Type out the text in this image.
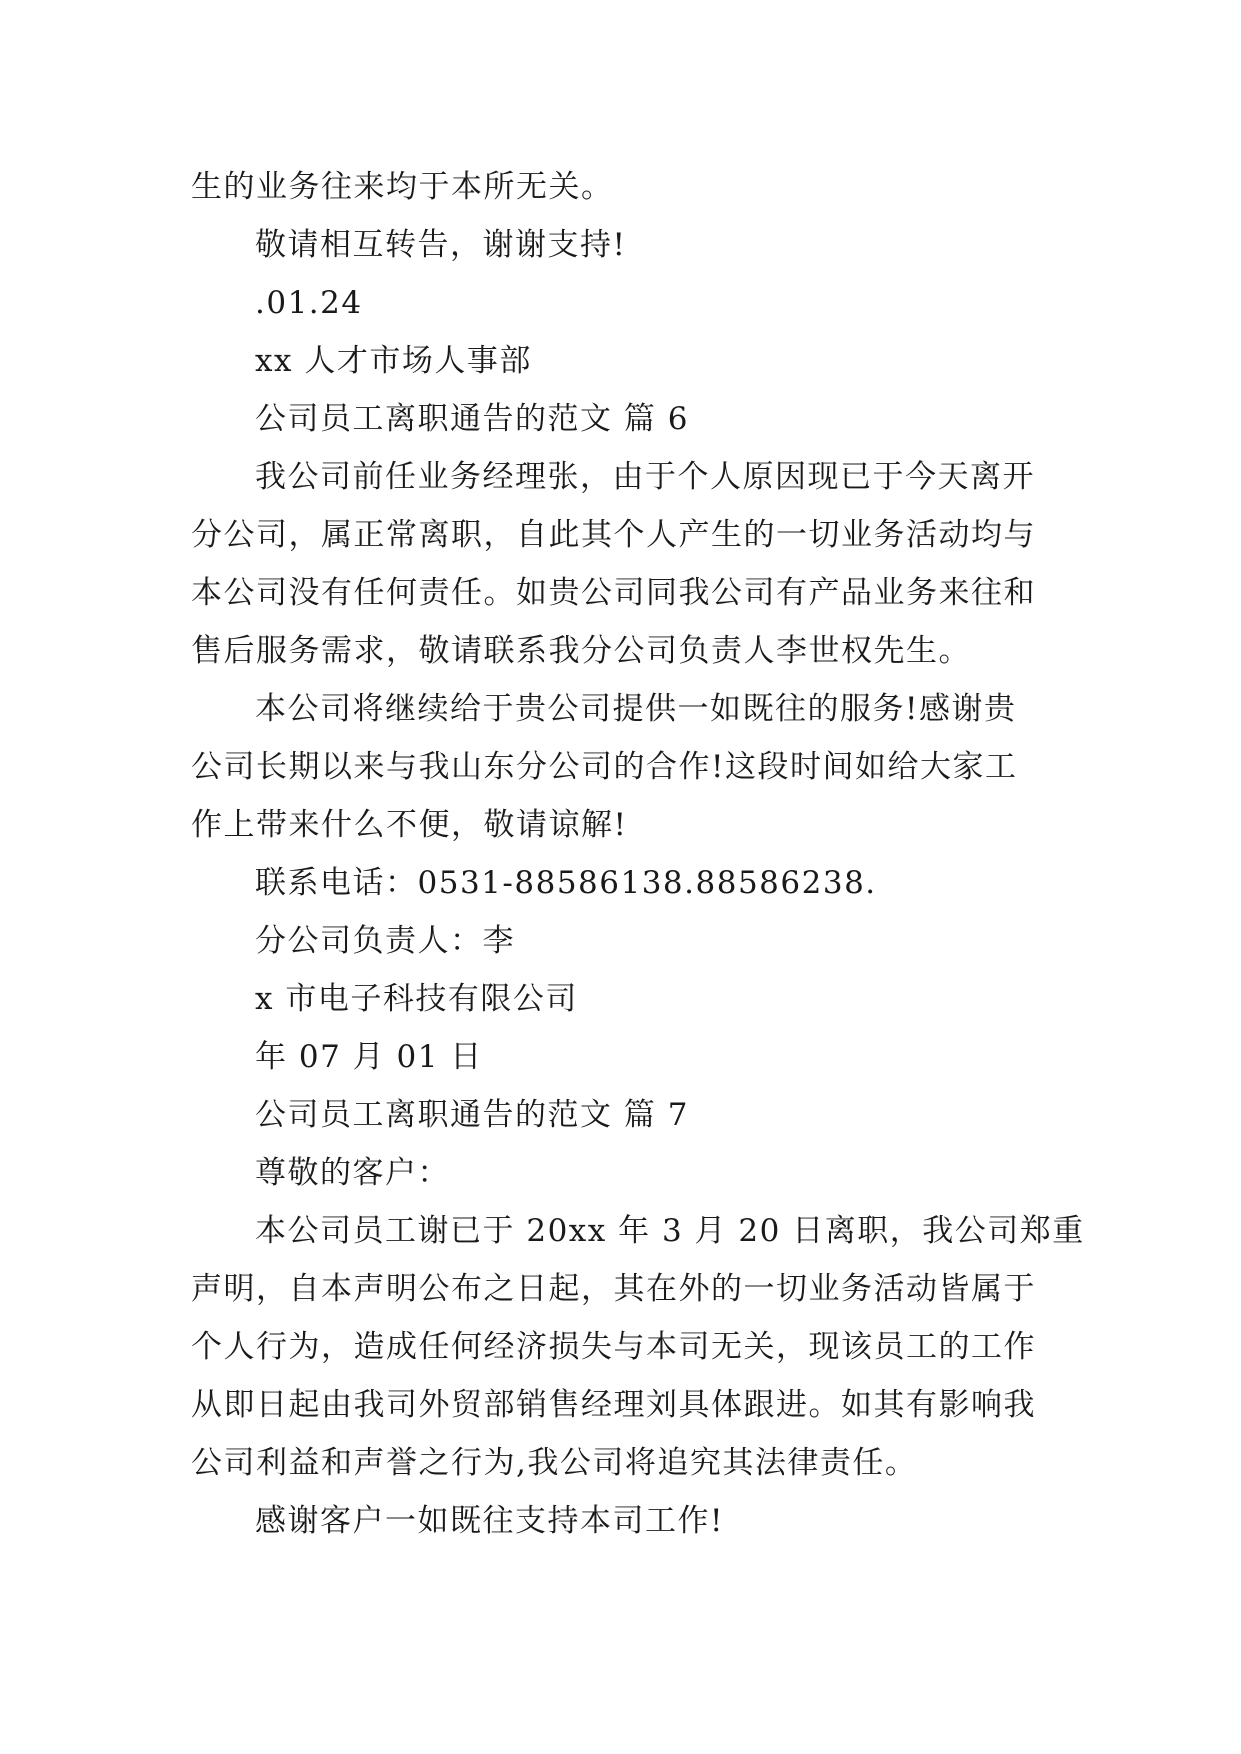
生的业务往来均于本所无关。
敬请相互转告，谢谢支持!
.01.24
xx 人才市场人事部
公司员工离职通告的范文 篇 6
我公司前任业务经理张，由于个人原因现已于今天离开
分公司，属正常离职，自此其个人产生的一切业务活动均与
本公司没有任何责任。如贵公司同我公司有产品业务来往和
售后服务需求，敬请联系我分公司负责人李世权先生。
本公司将继续给于贵公司提供一如既往的服务!感谢贵
公司长期以来与我山东分公司的合作!这段时间如给大家工
作上带来什么不便，敬请谅解!
联系电话：0531-88586138.88586238.
分公司负责人：李
x 市电子科技有限公司
年 07 月 01 日
公司员工离职通告的范文 篇 7
尊敬的客户：
本公司员工谢已于 20xx 年 3 月 20 日离职，我公司郑重
声明，自本声明公布之日起，其在外的一切业务活动皆属于
个人行为，造成任何经济损失与本司无关，现该员工的工作
从即日起由我司外贸部销售经理刘具体跟进。如其有影响我
公司利益和声誉之行为,我公司将追究其法律责任。
感谢客户一如既往支持本司工作!
